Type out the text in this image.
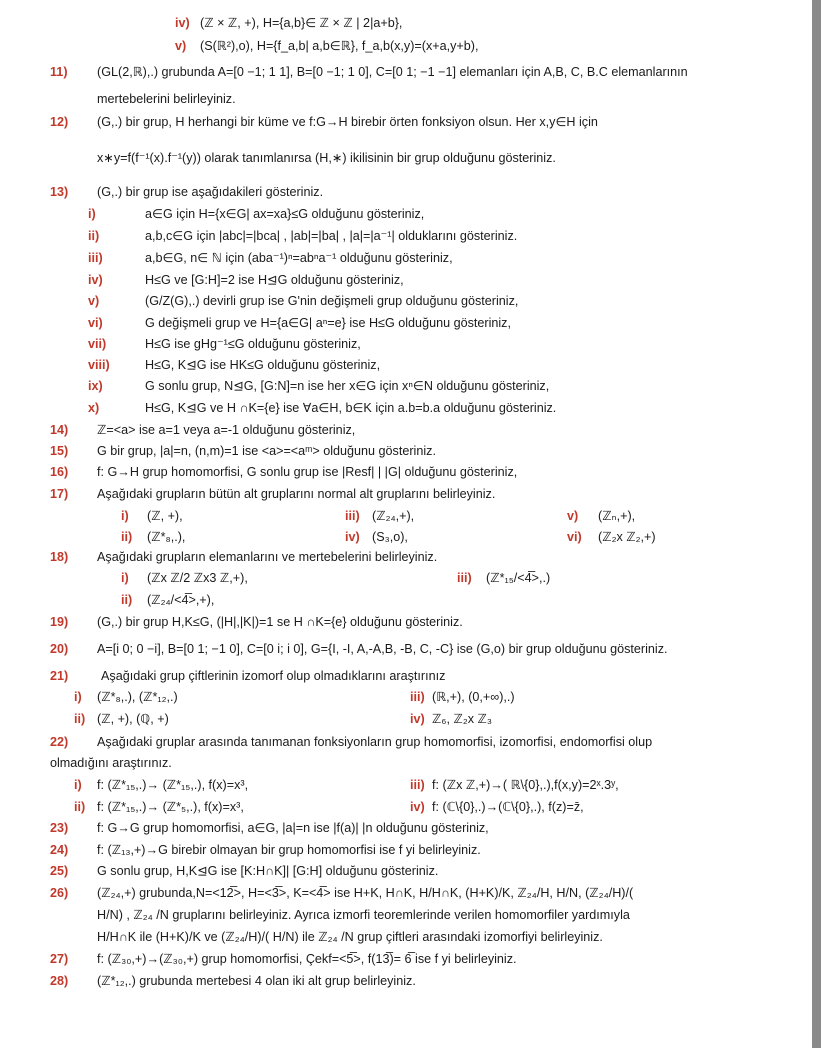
iv) (ℤ × ℤ, +), H={a,b}∈ ℤ × ℤ | 2|a+b},
v) (S(ℝ²),o), H={f_a,b| a,b∈ℝ}, f_a,b(x,y)=(x+a,y+b),
11) (GL(2,ℝ),.) grubunda A=[0 −1; 1 1], B=[0 −1; 1 0], C=[0 1; −1 −1] elemanları için A,B, C, B.C elemanlarının
mertebelerini belirleyiniz.
12) (G,.) bir grup, H herhangi bir küme ve f:G→H birebir örten fonksiyon olsun. Her x,y∈H için
x∗y=f(f⁻¹(x).f⁻¹(y)) olarak tanımlanırsa (H,∗) ikilisinin bir grup olduğunu gösteriniz.
13) (G,.) bir grup ise aşağıdakileri gösteriniz.
i)	a∈G için H={x∈G| ax=xa}≤G olduğunu gösteriniz,
ii)	a,b,c∈G için |abc|=|bca| , |ab|=|ba| , |a|=|a⁻¹| olduklarını gösteriniz.
iii)	a,b∈G, n∈ ℕ için (aba⁻¹)ⁿ=abⁿa⁻¹ olduğunu gösteriniz,
iv)	H≤G ve [G:H]=2 ise H⊴G olduğunu gösteriniz,
v)	(G/Z(G),.) devirli grup ise G'nin değişmeli grup olduğunu gösteriniz,
vi)	G değişmeli grup ve H={a∈G| aⁿ=e} ise H≤G olduğunu gösteriniz,
vii)	H≤G ise gHg⁻¹≤G olduğunu gösteriniz,
viii)	H≤G, K⊴G ise HK≤G olduğunu gösteriniz,
ix)	G sonlu grup, N⊴G, [G:N]=n ise her x∈G için xⁿ∈N olduğunu gösteriniz,
x)	H≤G, K⊴G ve H ∩K={e} ise ∀a∈H, b∈K için a.b=b.a olduğunu gösteriniz.
14) ℤ=<a> ise a=1 veya a=-1 olduğunu gösteriniz,
15) G bir grup, |a|=n, (n,m)=1 ise <a>=<aᵐ> olduğunu gösteriniz.
16) f: G→H grup homomorfisi, G sonlu grup ise |Resf| | |G| olduğunu gösteriniz,
17) Aşağıdaki grupların bütün alt gruplarını normal alt gruplarını belirleyiniz.
18) Aşağıdaki grupların elemanlarını ve mertebelerini belirleyiniz.
19) (G,.) bir grup H,K≤G, (|H|,|K|)=1 se H ∩K={e} olduğunu gösteriniz.
20) A=[i 0; 0 −i], B=[0 1; −1 0], C=[0 i; i 0], G={I, -I, A,-A,B, -B, C, -C} ise (G,o) bir grup olduğunu gösteriniz.
21)	Aşağıdaki grup çiftlerinin izomorf olup olmadıklarını araştırınız
22) Aşağıdaki gruplar arasında tanımanan fonksiyonların grup homomorfisi, izomorfisi, endomorfisi olup
olmadığını araştırınız.
23) f: G→G grup homomorfisi, a∈G, |a|=n ise |f(a)| |n olduğunu gösteriniz,
24) f: (ℤ₁₃,+)→G birebir olmayan bir grup homomorfisi ise f yi belirleyiniz.
25) G sonlu grup, H,K⊴G ise [K:H∩K]| [G:H] olduğunu gösteriniz.
26) (ℤ₂₄,+) grubunda,N=<12̅>, H=<3̅>, K=<4̅> ise H+K, H∩K, H/H∩K, (H+K)/K, ℤ₂₄/H, H/N, (ℤ₂₄/H)/(
H/N) , ℤ₂₄ /N gruplarını belirleyiniz. Ayrıca izmorfi teoremlerinde verilen homomorfiler yardımıyla
H/H∩K ile (H+K)/K ve (ℤ₂₄/H)/( H/N) ile ℤ₂₄ /N grup çiftleri arasındaki izomorfiyi belirleyiniz.
27) f: (ℤ₃₀,+)→(ℤ₃₀,+) grup homomorfisi, Çekf=<5̅>, f(13̅)= 6̅ ise f yi belirleyiniz.
28) (ℤ*₁₂,.) grubunda mertebesi 4 olan iki alt grup belirleyiniz.
i) (ℤ, +),	iii) (ℤ₂₄,+),	v) (ℤₙ,+),
ii) (ℤ*₈,.),	iv) (S₃,o),	vi) (ℤ₂x ℤ₂,+)
i) (ℤx ℤ/2 ℤx3 ℤ,+),	iii) (ℤ*₁₅/<4̅>,.)
ii) (ℤ₂₄/<4̅>,+),
i) (ℤ*₈,.), (ℤ*₁₂,.)	iii) (ℝ,+), (0,+∞),.)
ii) (ℤ, +), (ℚ, +)	iv) ℤ₆, ℤ₂x ℤ₃
i) f: (ℤ*₁₅,.)→ (ℤ*₁₅,.), f(x)=x³,	iii) f: (ℤx ℤ,+)→( ℝ\{0},.),f(x,y)=2ˣ.3ʸ,
ii) f: (ℤ*₁₅,.)→ (ℤ*₅,.), f(x)=x³,	iv) f: (ℂ\{0},.)→(ℂ\{0},.), f(z)=z̄,
